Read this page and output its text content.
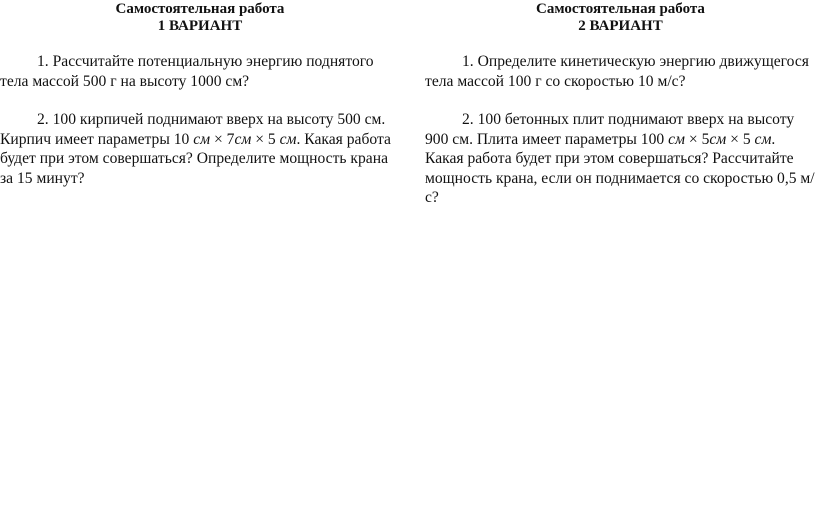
Самостоятельная работа
1 ВАРИАНТ

1. Рассчитайте потенциальную энергию поднятого тела массой 500 г на высоту 1000 см?

2. 100 кирпичей поднимают вверх на высоту 500 см. Кирпич имеет параметры 10 см × 7см × 5 см. Какая работа будет при этом совершаться? Определите мощность крана за 15 минут?

Самостоятельная работа
2 ВАРИАНТ

1. Определите кинетическую энергию движущегося тела массой 100 г со скоростью 10 м/с?

2. 100 бетонных плит поднимают вверх на высоту 900 см. Плита имеет параметры 100 см × 5см × 5 см. Какая работа будет при этом совершаться? Рассчитайте мощность крана, если он поднимается со скоростью 0,5 м/с?
